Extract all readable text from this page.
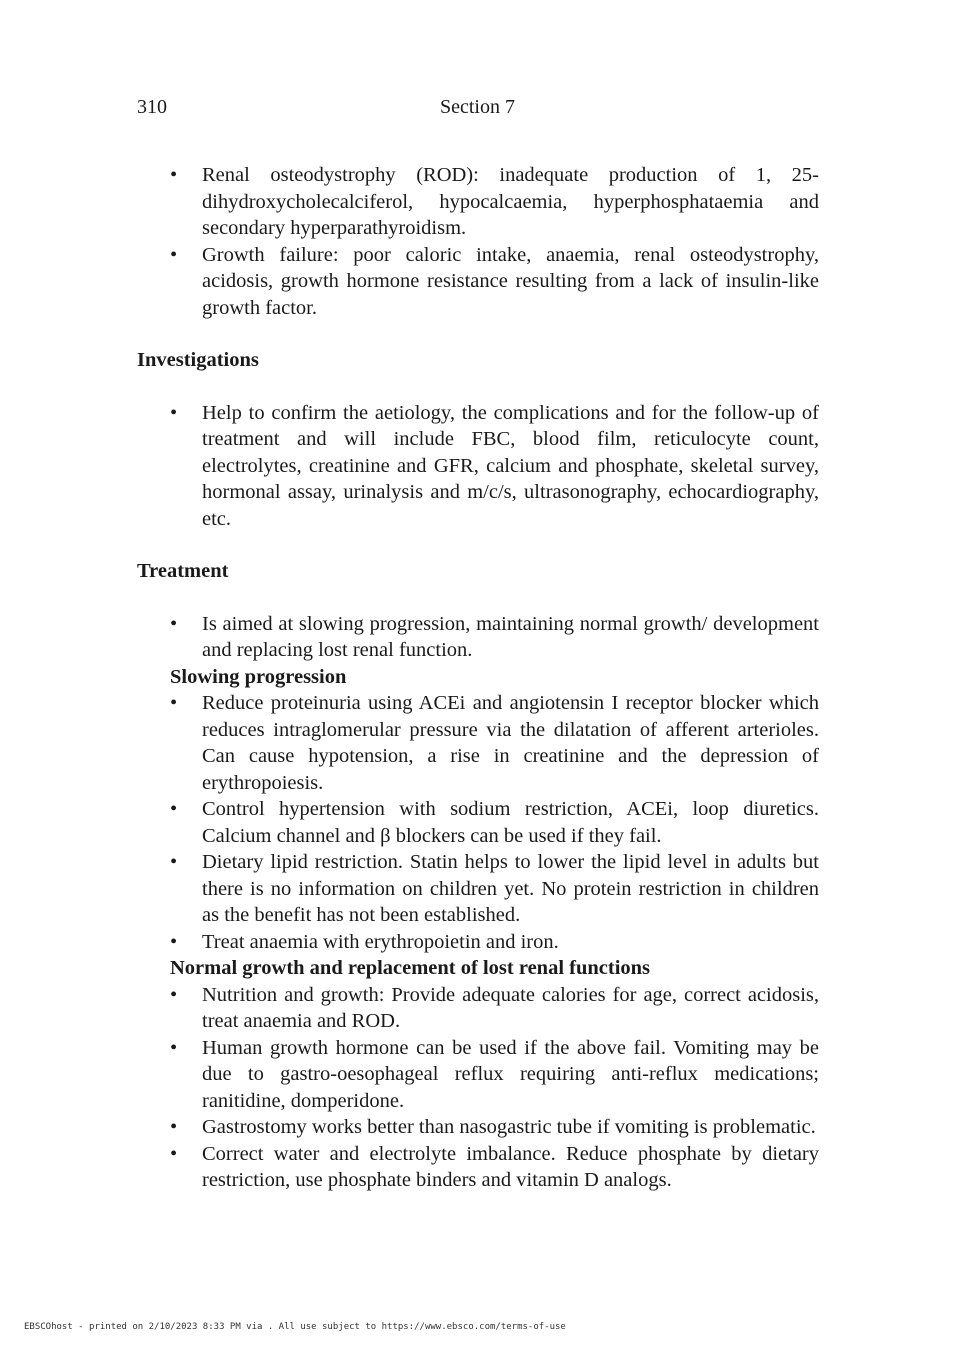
310	Section 7
• Renal osteodystrophy (ROD): inadequate production of 1, 25-dihydroxycholecalciferol, hypocalcaemia, hyperphosphataemia and secondary hyperparathyroidism.
• Growth failure: poor caloric intake, anaemia, renal osteodystrophy, acidosis, growth hormone resistance resulting from a lack of insulin-like growth factor.
Investigations
• Help to confirm the aetiology, the complications and for the follow-up of treatment and will include FBC, blood film, reticulocyte count, electrolytes, creatinine and GFR, calcium and phosphate, skeletal survey, hormonal assay, urinalysis and m/c/s, ultrasonography, echocardiography, etc.
Treatment
• Is aimed at slowing progression, maintaining normal growth/ development and replacing lost renal function.
Slowing progression
• Reduce proteinuria using ACEi and angiotensin I receptor blocker which reduces intraglomerular pressure via the dilatation of afferent arterioles. Can cause hypotension, a rise in creatinine and the depression of erythropoiesis.
• Control hypertension with sodium restriction, ACEi, loop diuretics. Calcium channel and β blockers can be used if they fail.
• Dietary lipid restriction. Statin helps to lower the lipid level in adults but there is no information on children yet. No protein restriction in children as the benefit has not been established.
• Treat anaemia with erythropoietin and iron.
Normal growth and replacement of lost renal functions
• Nutrition and growth: Provide adequate calories for age, correct acidosis, treat anaemia and ROD.
• Human growth hormone can be used if the above fail. Vomiting may be due to gastro-oesophageal reflux requiring anti-reflux medications; ranitidine, domperidone.
• Gastrostomy works better than nasogastric tube if vomiting is problematic.
• Correct water and electrolyte imbalance. Reduce phosphate by dietary restriction, use phosphate binders and vitamin D analogs.
EBSCOhost - printed on 2/10/2023 8:33 PM via . All use subject to https://www.ebsco.com/terms-of-use
